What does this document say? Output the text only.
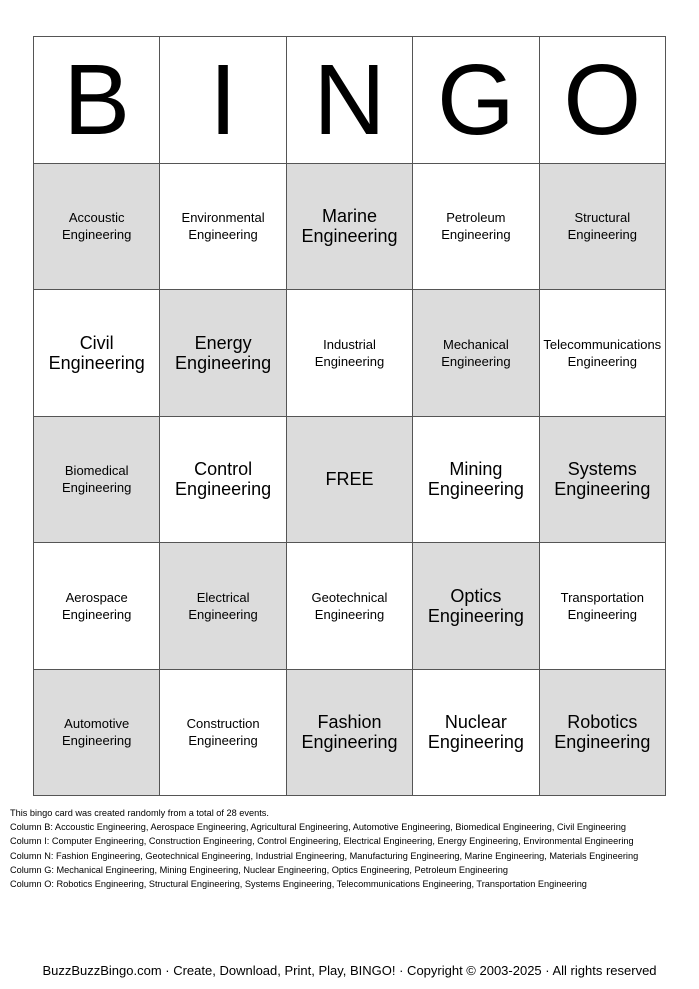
B I N G O
Accoustic Engineering
Environmental Engineering
Marine Engineering
Petroleum Engineering
Structural Engineering
Civil Engineering
Energy Engineering
Industrial Engineering
Mechanical Engineering
Telecommunications Engineering
Biomedical Engineering
Control Engineering	FREE	Mining Engineering
Systems Engineering
Aerospace Engineering
Electrical Engineering
Geotechnical Engineering
Optics Engineering
Transportation Engineering
Automotive Engineering
Construction Engineering
Fashion Engineering
Nuclear Engineering
Robotics Engineering
This bingo card was created randomly from a total of 28 events.
Column B: Accoustic Engineering, Aerospace Engineering, Agricultural Engineering, Automotive Engineering, Biomedical Engineering, Civil Engineering
Column I: Computer Engineering, Construction Engineering, Control Engineering, Electrical Engineering, Energy Engineering, Environmental Engineering
Column N: Fashion Engineering, Geotechnical Engineering, Industrial Engineering, Manufacturing Engineering, Marine Engineering, Materials Engineering
Column G: Mechanical Engineering, Mining Engineering, Nuclear Engineering, Optics Engineering, Petroleum Engineering
Column O: Robotics Engineering, Structural Engineering, Systems Engineering, Telecommunications Engineering, Transportation Engineering
BuzzBuzzBingo.com · Create, Download, Print, Play, BINGO! · Copyright © 2003-2025 · All rights reserved
